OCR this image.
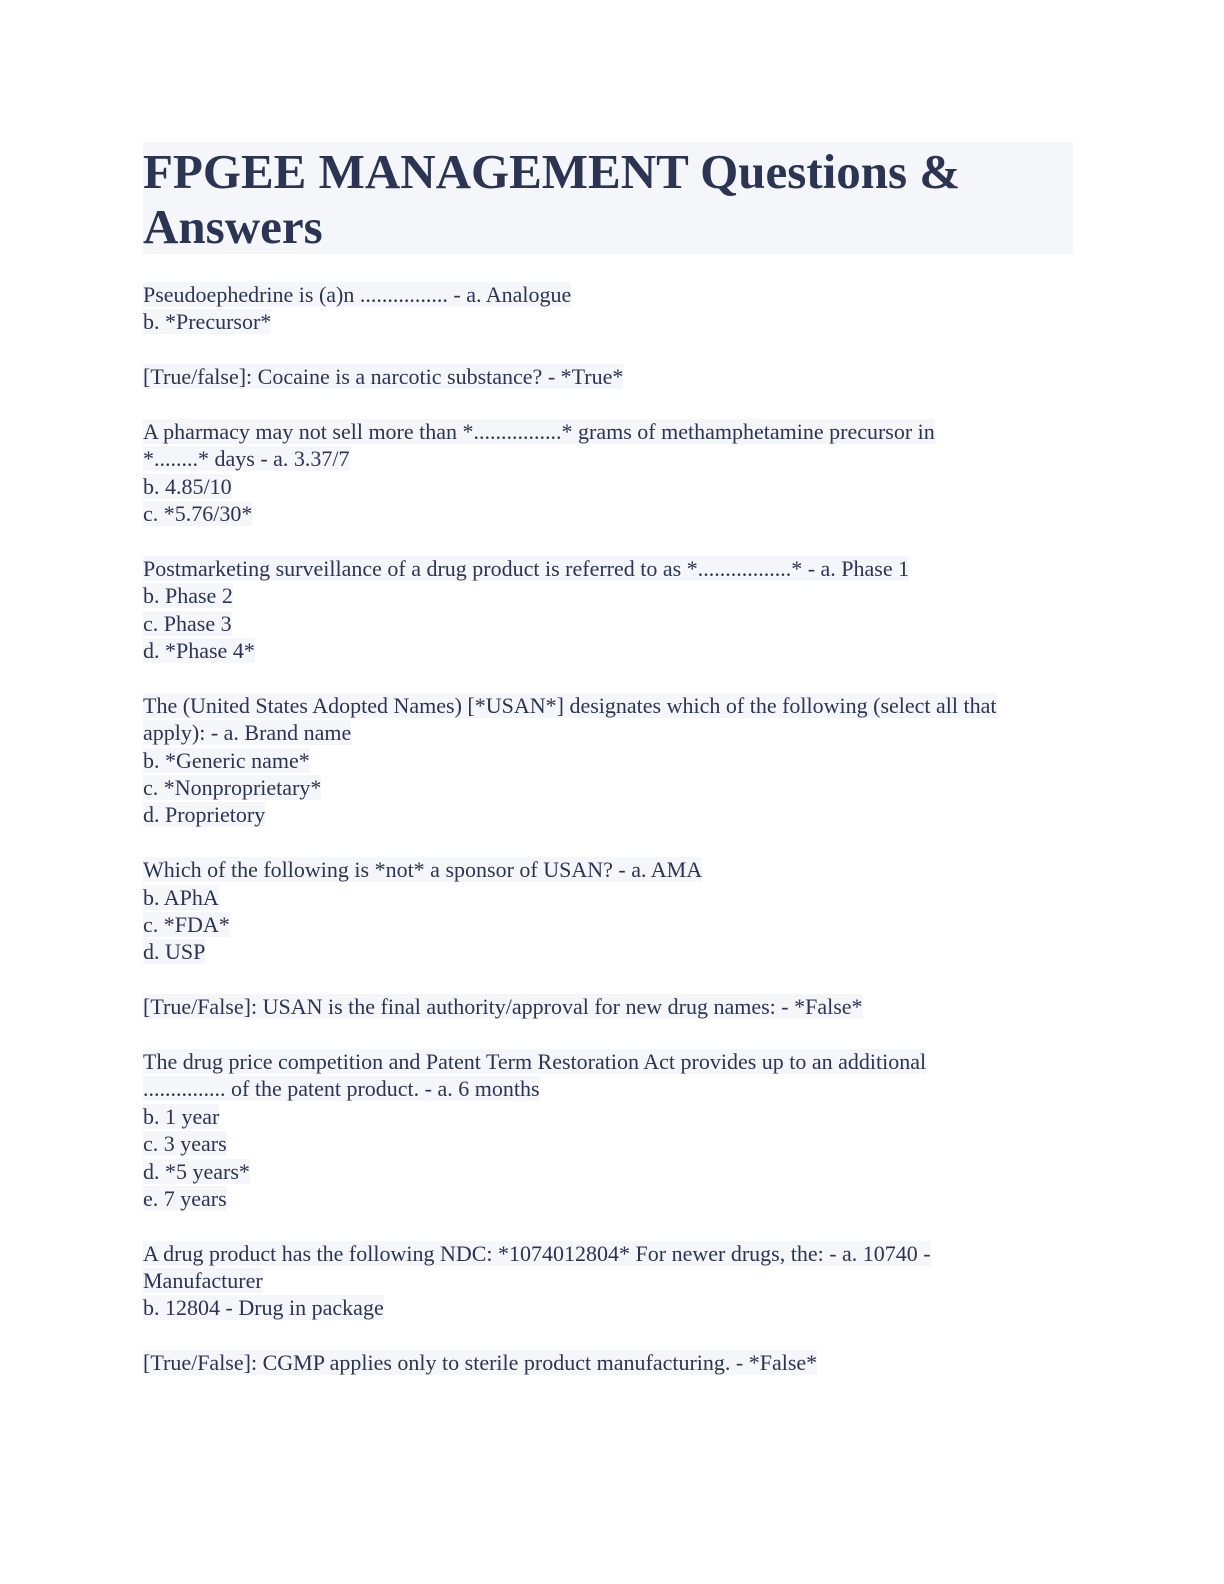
FPGEE MANAGEMENT Questions &
Answers
Pseudoephedrine is (a)n ................ - a. Analogue
b. *Precursor*
[True/false]: Cocaine is a narcotic substance? - *True*
A pharmacy may not sell more than *................* grams of methamphetamine precursor in
*........* days - a. 3.37/7
b. 4.85/10
c. *5.76/30*
Postmarketing surveillance of a drug product is referred to as *.................* - a. Phase 1
b. Phase 2
c. Phase 3
d. *Phase 4*
The (United States Adopted Names) [*USAN*] designates which of the following (select all that
apply): - a. Brand name
b. *Generic name*
c. *Nonproprietary*
d. Proprietory
Which of the following is *not* a sponsor of USAN? - a. AMA
b. APhA
c. *FDA*
d. USP
[True/False]: USAN is the final authority/approval for new drug names: - *False*
The drug price competition and Patent Term Restoration Act provides up to an additional
............... of the patent product. - a. 6 months
b. 1 year
c. 3 years
d. *5 years*
e. 7 years
A drug product has the following NDC: *1074012804* For newer drugs, the: - a. 10740 -
Manufacturer
b. 12804 - Drug in package
[True/False]: CGMP applies only to sterile product manufacturing. - *False*
